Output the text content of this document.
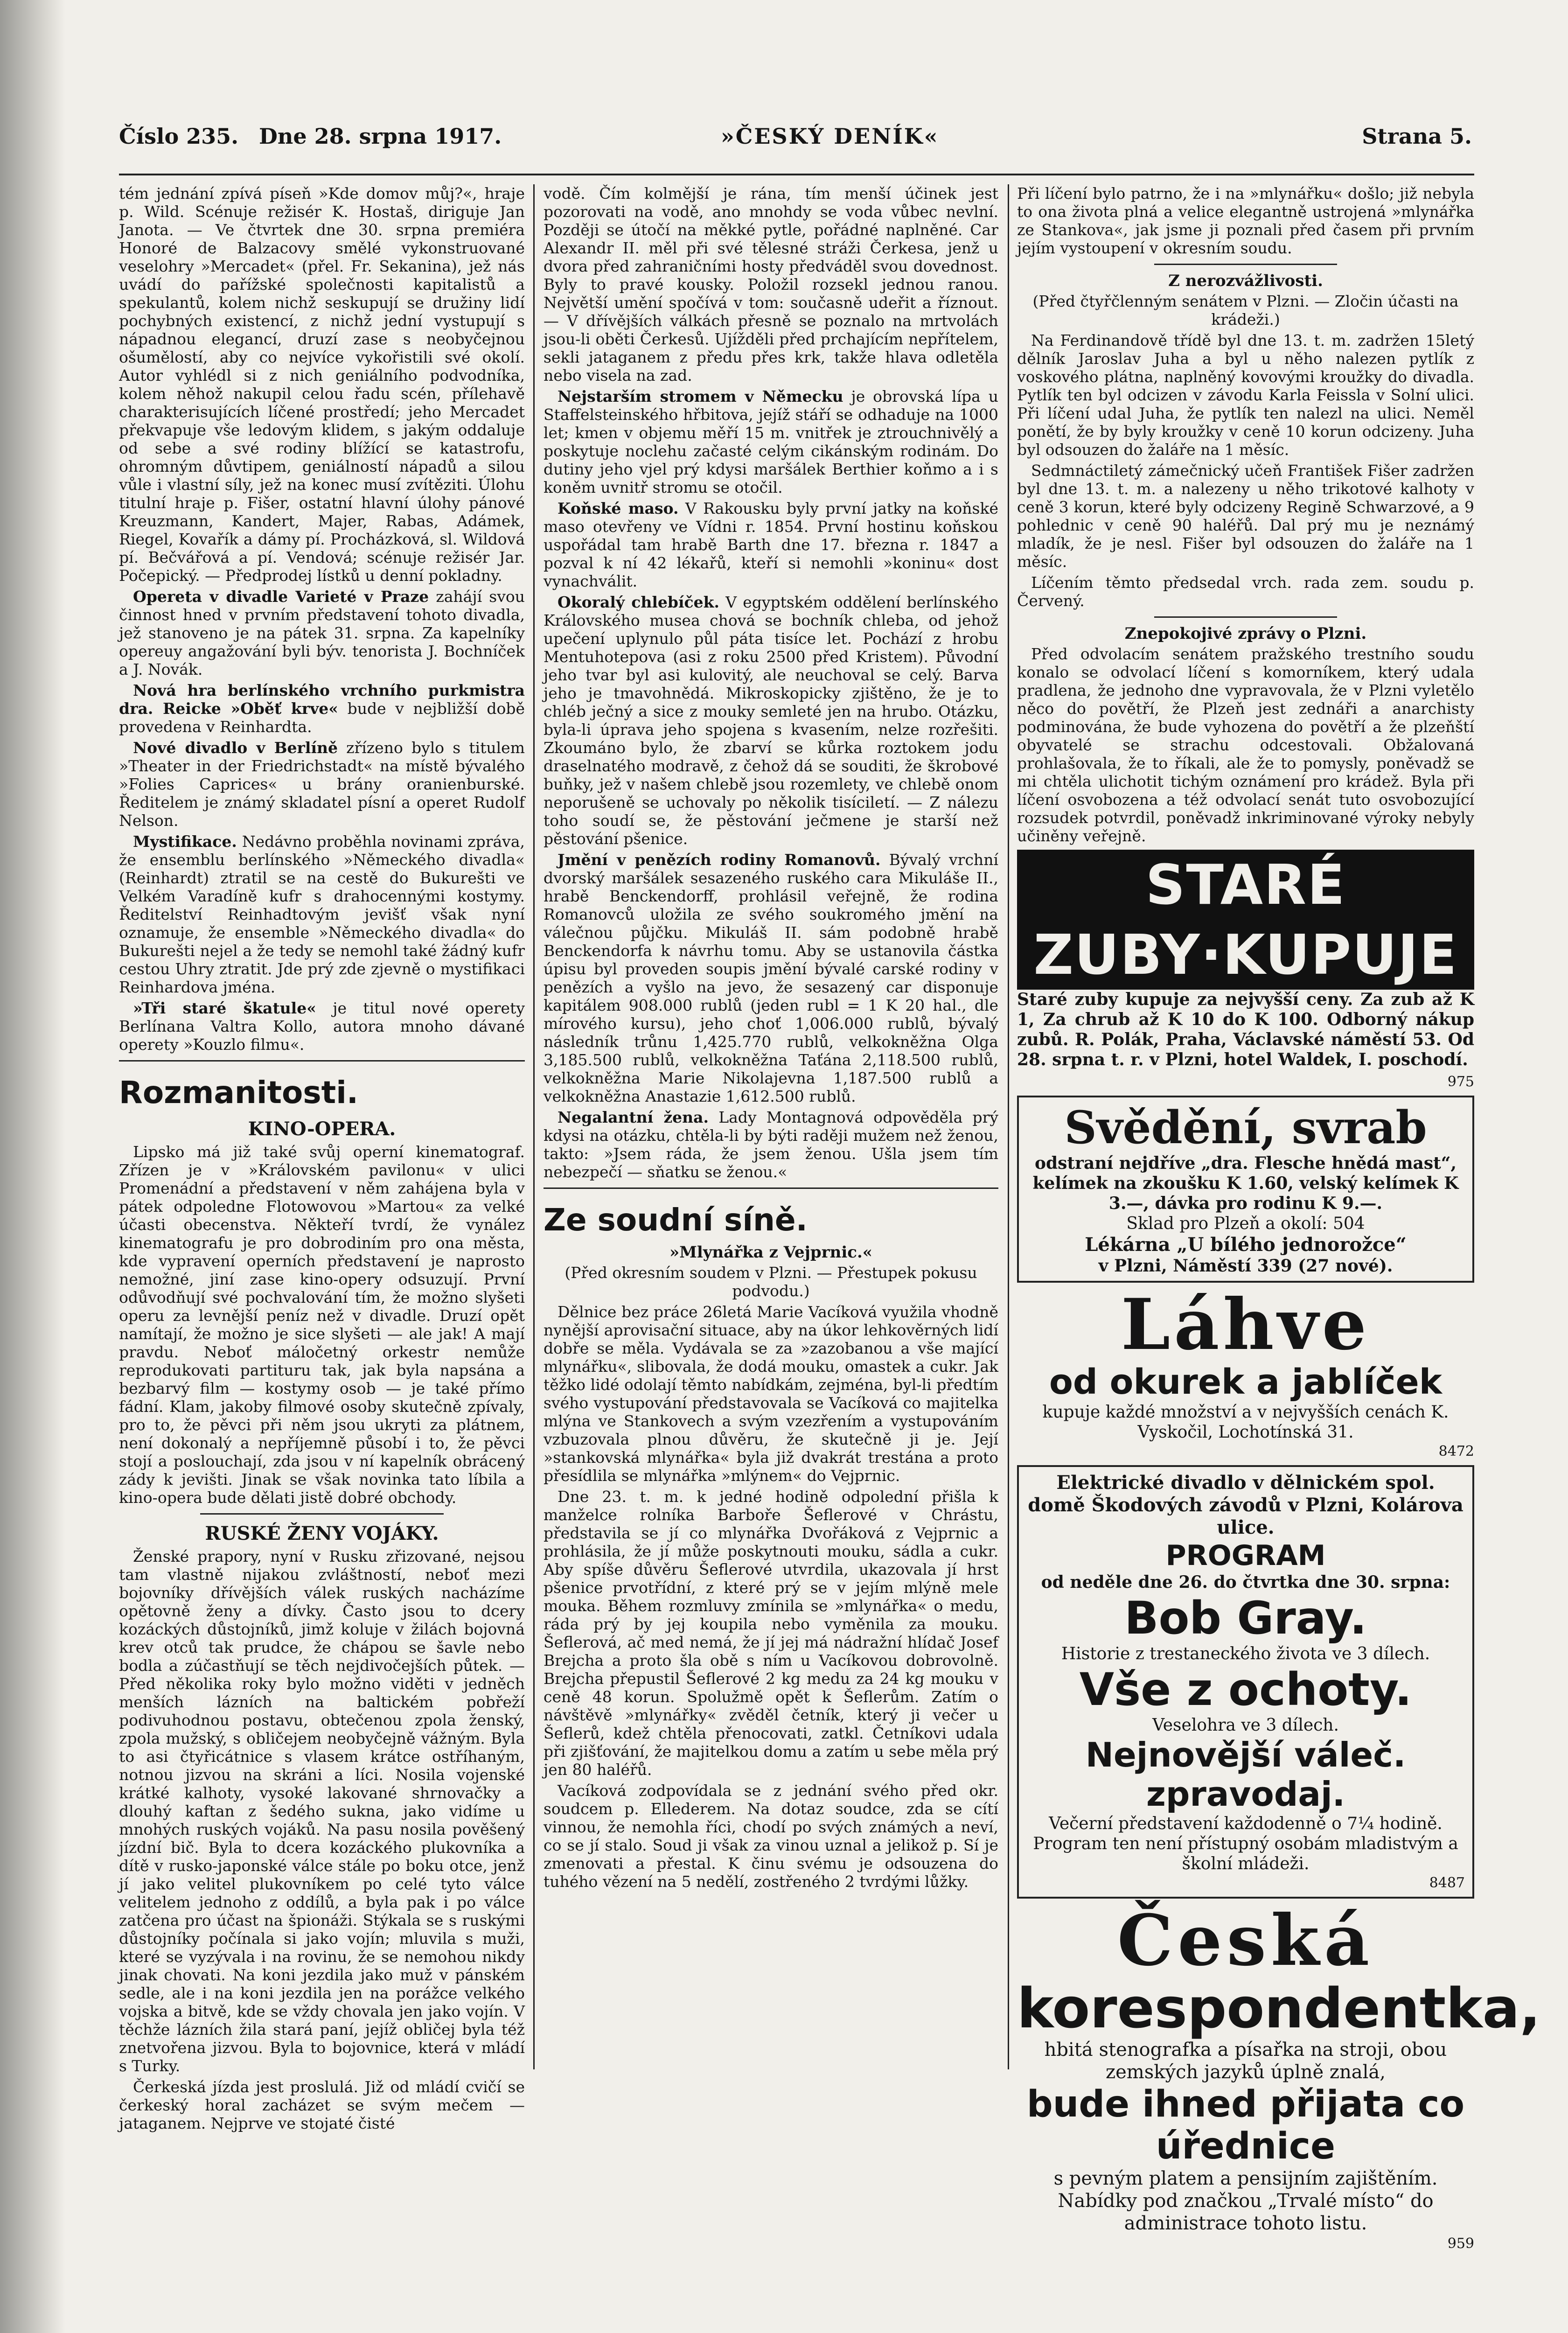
Číslo 235. Dne 28. srpna 1917.	»ČESKÝ DENÍK«	Strana 5.

tém jednání zpívá píseň »Kde domov můj?«, hraje p. Wild. Scénuje režisér K. Hostaš, diriguje Jan Janota. — Ve čtvrtek dne 30. srpna premiéra Honoré de Balzacovy smělé vykonstruované veselohry »Mercadet« (přel. Fr. Sekanina), jež nás uvádí do pařížské společnosti kapitalistů a spekulantů, kolem nichž seskupují se družiny lidí pochybných existencí, z nichž jední vystupují s nápadnou elegancí, druzí zase s neobyčejnou ošumělostí, aby co nejvíce vykořistili své okolí. Autor vyhlédl si z nich geniálního podvodníka, kolem něhož nakupil celou řadu scén, přílehavě charakterisujících líčené prostředí; jeho Mercadet překvapuje vše ledovým klidem, s jakým oddaluje od sebe a své rodiny blížící se katastrofu, ohromným důvtipem, geniálností nápadů a silou vůle i vlastní síly, jež na konec musí zvítěziti. Úlohu titulní hraje p. Fišer, ostatní hlavní úlohy pánové Kreuzmann, Kandert, Majer, Rabas, Adámek, Riegel, Kovařík a dámy pí. Procházková, sl. Wildová pí. Bečvářová a pí. Vendová; scénuje režisér Jar. Počepický. — Předprodej lístků u denní pokladny.

Opereta v divadle Varieté v Praze zahájí svou činnost hned v prvním představení tohoto divadla, jež stanoveno je na pátek 31. srpna. Za kapelníky opereuy angažování byli býv. tenorista J. Bochníček a J. Novák.

Nová hra berlínského vrchního purkmistra dra. Reicke »Oběť krve« bude v nejbližší době provedena v Reinhardta.

Nové divadlo v Berlíně zřízeno bylo s titulem »Theater in der Friedrichstadt« na místě bývalého »Folies Caprices« u brány oranienburské. Ředitelem je známý skladatel písní a operet Rudolf Nelson.

Mystifikace. Nedávno proběhla novinami zpráva, že ensemblu berlínského »Německého divadla« (Reinhardt) ztratil se na cestě do Bukurešti ve Velkém Varadíně kufr s drahocennými kostymy. Ředitelství Reinhadtovým jevišť však nyní oznamuje, že ensemble »Německého divadla« do Bukurešti nejel a že tedy se nemohl také žádný kufr cestou Uhry ztratit. Jde prý zde zjevně o mystifikaci Reinhardova jména.

»Tři staré škatule« je titul nové operety Berlínana Valtra Kollo, autora mnoho dávané operety »Kouzlo filmu«.

Rozmanitosti.
KINO-OPERA.

Lipsko má již také svůj operní kinematograf. Zřízen je v »Královském pavilonu« v ulici Promenádní a představení v něm zahájena byla v pátek odpoledne Flotowovou »Martou« za velké účasti obecenstva. Někteří tvrdí, že vynález kinematografu je pro dobrodiním pro ona města, kde vypravení operních představení je naprosto nemožné, jiní zase kino-opery odsuzují. První odůvodňují své pochvalování tím, že možno slyšeti operu za levnější peníz než v divadle. Druzí opět namítají, že možno je sice slyšeti — ale jak! A mají pravdu. Neboť máločetný orkestr nemůže reprodukovati partituru tak, jak byla napsána a bezbarvý film — kostymy osob — je také přímo fádní. Klam, jakoby filmové osoby skutečně zpívaly, pro to, že pěvci při něm jsou ukryti za plátnem, není dokonalý a nepříjemně působí i to, že pěvci stojí a poslouchají, zda jsou v ní kapelník obrácený zády k jevišti. Jinak se však novinka tato líbila a kino-opera bude dělati jistě dobré obchody.

RUSKÉ ŽENY VOJÁKY.

Ženské prapory, nyní v Rusku zřizované, nejsou tam vlastně nijakou zvláštností, neboť mezi bojovníky dřívějších válek ruských nacházíme opětovně ženy a dívky. Často jsou to dcery kozáckých důstojníků, jimž koluje v žilách bojovná krev otců tak prudce, že chápou se šavle nebo bodla a zúčastňují se těch nejdivočejších půtek. — Před několika roky bylo možno viděti v jedněch menších lázních na baltickém pobřeží podivuhodnou postavu, obtečenou zpola ženský, zpola mužský, s obličejem neobyčejně vážným. Byla to asi čtyřicátnice s vlasem krátce ostříhaným, notnou jizvou na skráni a líci. Nosila vojenské krátké kalhoty, vysoké lakované shrnovačky a dlouhý kaftan z šedého sukna, jako vidíme u mnohých ruských vojáků. Na pasu nosila pověšený jízdní bič. Byla to dcera kozáckého plukovníka a dítě v rusko-japonské válce stále po boku otce, jenž jí jako velitel plukovníkem po celé tyto válce velitelem jednoho z oddílů, a byla pak i po válce zatčena pro účast na špionáži. Stýkala se s ruskými důstojníky počínala si jako vojín; mluvila s muži, které se vyzývala i na rovinu, že se nemohou nikdy jinak chovati. Na koni jezdila jako muž v pánském sedle, ale i na koni jezdila jen na porážce velkého vojska a bitvě, kde se vždy chovala jen jako vojín. V těchže lázních žila stará paní, jejíž obličej byla též znetvořena jizvou. Byla to bojovnice, která v mládí s Turky.

Čerkeská jízda jest proslulá. Již od mládí cvičí se čerkeský horal zacházet se svým mečem — jataganem. Nejprve ve stojaté čisté

vodě. Čím kolmější je rána, tím menší účinek jest pozorovati na vodě, ano mnohdy se voda vůbec nevlní. Později se útočí na měkké pytle, pořádné naplněné. Car Alexandr II. měl při své tělesné stráži Čerkesa, jenž u dvora před zahraničními hosty předváděl svou dovednost. Byly to pravé kousky. Položil rozsekl jednou ranou. Největší umění spočívá v tom: současně udeřit a říznout. — V dřívějších válkách přesně se poznalo na mrtvolách jsou-li oběti Čerkesů. Ujížděli před prchajícím nepřítelem, sekli jataganem z předu přes krk, takže hlava odletěla nebo visela na zad.

Nejstarším stromem v Německu je obrovská lípa u Staffelsteinského hřbitova, jejíž stáří se odhaduje na 1000 let; kmen v objemu měří 15 m. vnitřek je ztrouchnivělý a poskytuje noclehu začasté celým cikánským rodinám. Do dutiny jeho vjel prý kdysi maršálek Berthier koňmo a i s koněm uvnitř stromu se otočil.

Koňské maso. V Rakousku byly první jatky na koňské maso otevřeny ve Vídni r. 1854. První hostinu koňskou uspořádal tam hrabě Barth dne 17. března r. 1847 a pozval k ní 42 lékařů, kteří si nemohli »koninu« dost vynachválit.

Okoralý chlebíček. V egyptském oddělení berlínského Královského musea chová se bochník chleba, od jehož upečení uplynulo půl páta tisíce let. Pochází z hrobu Mentuhotepova (asi z roku 2500 před Kristem). Původní jeho tvar byl asi kulovitý, ale neuchoval se celý. Barva jeho je tmavohnědá. Mikroskopicky zjištěno, že je to chléb ječný a sice z mouky semleté jen na hrubo. Otázku, byla-li úprava jeho spojena s kvasením, nelze rozřešiti. Zkoumáno bylo, že zbarví se kůrka roztokem jodu draselnatého modravě, z čehož dá se souditi, že škrobové buňky, jež v našem chlebě jsou rozemlety, ve chlebě onom neporušeně se uchovaly po několik tisíciletí. — Z nálezu toho soudí se, že pěstování ječmene je starší než pěstování pšenice.

Jmění v penězích rodiny Romanovů. Bývalý vrchní dvorský maršálek sesazeného ruského cara Mikuláše II., hrabě Benckendorff, prohlásil veřejně, že rodina Romanovců uložila ze svého soukromého jmění na válečnou půjčku. Mikuláš II. sám podobně hrabě Benckendorfa k návrhu tomu. Aby se ustanovila částka úpisu byl proveden soupis jmění bývalé carské rodiny v penězích a vyšlo na jevo, že sesazený car disponuje kapitálem 908.000 rublů (jeden rubl = 1 K 20 hal., dle mírového kursu), jeho choť 1,006.000 rublů, bývalý následník trůnu 1,425.770 rublů, velkokněžna Olga 3,185.500 rublů, velkokněžna Taťána 2,118.500 rublů, velkokněžna Marie Nikolajevna 1,187.500 rublů a velkokněžna Anastazie 1,612.500 rublů.

Negalantní žena. Lady Montagnová odpověděla prý kdysi na otázku, chtěla-li by býti raději mužem než ženou, takto: »Jsem ráda, že jsem ženou. Ušla jsem tím nebezpečí — sňatku se ženou.«

Ze soudní síně.
»Mlynářka z Vejprnic.«

(Před okresním soudem v Plzni. — Přestupek pokusu podvodu.)

Dělnice bez práce 26letá Marie Vacíková využila vhodně nynější aprovisační situace, aby na úkor lehkověrných lidí dobře se měla. Vydávala se za »zazobanou a vše mající mlynářku«, slibovala, že dodá mouku, omastek a cukr. Jak těžko lidé odolají těmto nabídkám, zejména, byl-li předtím svého vystupování představovala se Vacíková co majitelka mlýna ve Stankovech a svým vzezřením a vystupováním vzbuzovala plnou důvěru, že skutečně ji je. Její »stankovská mlynářka« byla již dvakrát trestána a proto přesídlila se mlynářka »mlýnem« do Vejprnic.

Dne 23. t. m. k jedné hodině odpolední přišla k manželce rolníka Barboře Šeflerové v Chrástu, představila se jí co mlynářka Dvořáková z Vejprnic a prohlásila, že jí může poskytnouti mouku, sádla a cukr. Aby spíše důvěru Šeflerové utvrdila, ukazovala jí hrst pšenice prvotřídní, z které prý se v jejím mlýně mele mouka. Během rozmluvy zmínila se »mlynářka« o medu, ráda prý by jej koupila nebo vyměnila za mouku. Šeflerová, ač med nemá, že jí jej má nádražní hlídač Josef Brejcha a proto šla obě s ním u Vacíkovou dobrovolně. Brejcha přepustil Šeflerové 2 kg medu za 24 kg mouku v ceně 48 korun. Spolužmě opět k Šeflerům. Zatím o návštěvě »mlynářky« zvěděl četník, který ji večer u Šeflerů, kdež chtěla přenocovati, zatkl. Četníkovi udala při zjišťování, že majitelkou domu a zatím u sebe měla prý jen 80 haléřů.

Vacíková zodpovídala se z jednání svého před okr. soudcem p. Ellederem. Na dotaz soudce, zda se cítí vinnou, že nemohla říci, chodí po svých známých a neví, co se jí stalo. Soud ji však za vinou uznal a jelikož p. Sí je zmenovati a přestal. K činu svému je odsouzena do tuhého vězení na 5 nedělí, zostřeného 2 tvrdými lůžky.

Při líčení bylo patrno, že i na »mlynářku« došlo; již nebyla to ona života plná a velice elegantně ustrojená »mlynářka ze Stankova«, jak jsme ji poznali před časem při prvním jejím vystoupení v okresním soudu.

Z nerozvážlivosti.

(Před čtyřčlenným senátem v Plzni. — Zločin účasti na krádeži.)

Na Ferdinandově třídě byl dne 13. t. m. zadržen 15letý dělník Jaroslav Juha a byl u něho nalezen pytlík z voskového plátna, naplněný kovovými kroužky do divadla. Pytlík ten byl odcizen v závodu Karla Feissla v Solní ulici. Při líčení udal Juha, že pytlík ten nalezl na ulici. Neměl ponětí, že by byly kroužky v ceně 10 korun odcizeny. Juha byl odsouzen do žaláře na 1 měsíc.

Sedmnáctiletý zámečnický učeň František Fišer zadržen byl dne 13. t. m. a nalezeny u něho trikotové kalhoty v ceně 3 korun, které byly odcizeny Regině Schwarzové, a 9 pohlednic v ceně 90 haléřů. Dal prý mu je neznámý mladík, že je nesl. Fišer byl odsouzen do žaláře na 1 měsíc.

Líčením těmto předsedal vrch. rada zem. soudu p. Červený.

Znepokojivé zprávy o Plzni.

Před odvolacím senátem pražského trestního soudu konalo se odvolací líčení s komorníkem, který udala pradlena, že jednoho dne vypravovala, že v Plzni vyletělo něco do povětří, že Plzeň jest zednáři a anarchisty podminována, že bude vyhozena do povětří a že plzeňští obyvatelé se strachu odcestovali. Obžalovaná prohlašovala, že to říkali, ale že to pomysly, poněvadž se mi chtěla ulichotit tichým oznámení pro krádež. Byla při líčení osvobozena a též odvolací senát tuto osvobozující rozsudek potvrdil, poněvadž inkriminované výroky nebyly učiněny veřejně.

STARÉ ZUBY·KUPUJE

Staré zuby kupuje za nejvyšší ceny. Za zub až K 1, Za chrub až K 10 do K 100. Odborný nákup zubů. R. Polák, Praha, Václavské náměstí 53. Od 28. srpna t. r. v Plzni, hotel Waldek, I. poschodí.

975
Svědění, svrab
odstraní nejdříve „dra. Flesche hnědá mast“, kelímek na zkoušku K 1.60, velský kelímek K 3.—, dávka pro rodinu K 9.—.
Sklad pro Plzeň a okolí: 504
Lékárna „U bílého jednorožce“
v Plzni, Náměstí 339 (27 nové).
Láhve
od okurek a jablíček
kupuje každé množství a v nejvyšších cenách K. Vyskočil, Lochotínská 31.
8472
Elektrické divadlo v dělnickém spol. domě Škodových závodů v Plzni, Kolárova ulice.
PROGRAM
od neděle dne 26. do čtvrtka dne 30. srpna:
Bob Gray.
Historie z trestaneckého života ve 3 dílech.
Vše z ochoty.
Veselohra ve 3 dílech.
Nejnovější váleč. zpravodaj.
Večerní představení každodenně o 7¼ hodině. Program ten není přístupný osobám mladistvým a školní mládeži.
8487
Česká
korespondentka,
hbitá stenografka a písařka na stroji, obou zemských jazyků úplně znalá,
bude ihned přijata co úřednice
s pevným platem a pensijním zajištěním. Nabídky pod značkou „Trvalé místo“ do administrace tohoto listu.
959
